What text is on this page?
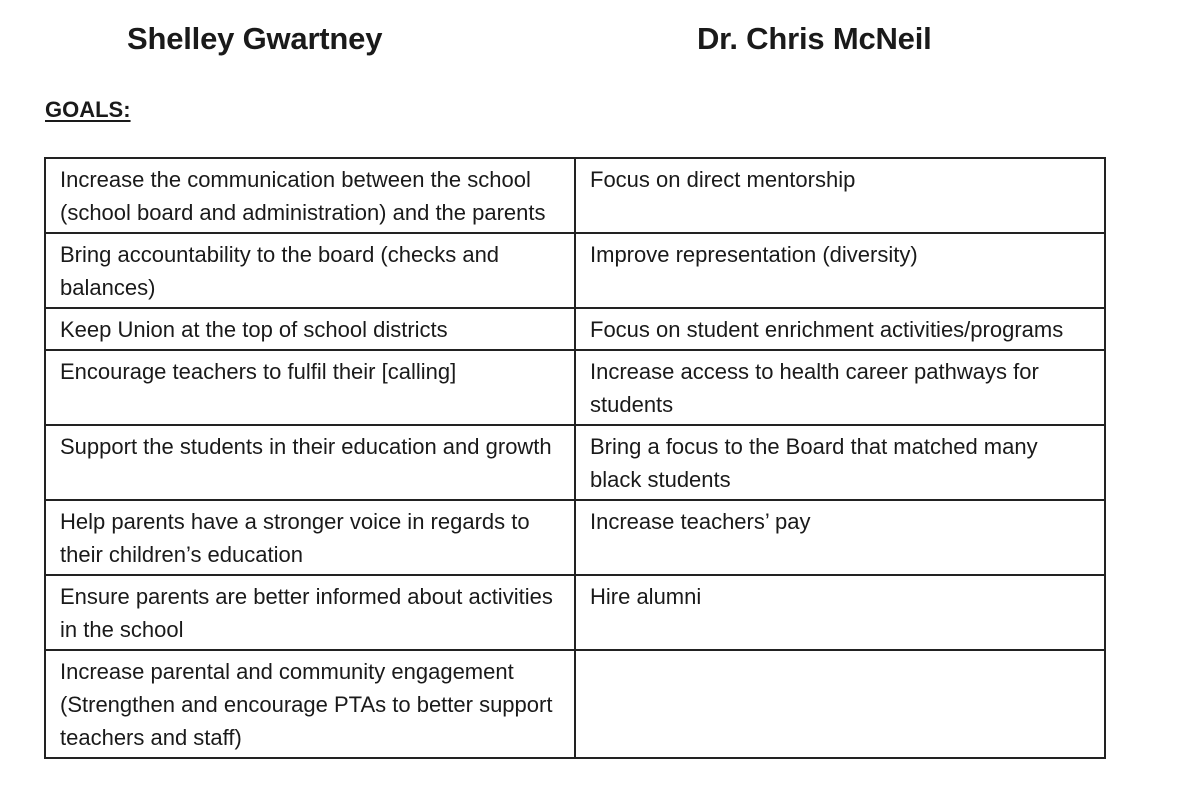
Shelley Gwartney	Dr. Chris McNeil
GOALS:
Increase the communication between the school (school board and administration) and the parents	Focus on direct mentorship
Bring accountability to the board (checks and balances)	Improve representation (diversity)
Keep Union at the top of school districts	Focus on student enrichment activities/programs
Encourage teachers to fulfil their [calling]	Increase access to health career pathways for students
Support the students in their education and growth	Bring a focus to the Board that matched many black students
Help parents have a stronger voice in regards to their children’s education	Increase teachers’ pay
Ensure parents are better informed about activities in the school	Hire alumni
Increase parental and community engagement (Strengthen and encourage PTAs to better support teachers and staff)	
